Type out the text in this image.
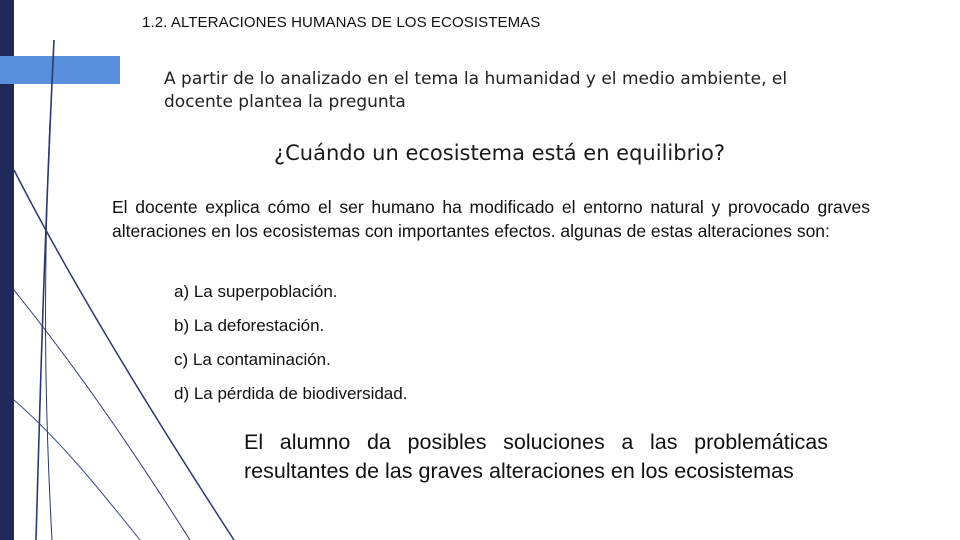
1.2. ALTERACIONES HUMANAS DE LOS ECOSISTEMAS
A partir de lo analizado en el tema la humanidad y el medio ambiente, el docente plantea la pregunta
¿Cuándo un ecosistema está en equilibrio?
El docente explica cómo el ser humano ha modificado el entorno natural y provocado graves alteraciones en los ecosistemas con importantes efectos. algunas de estas alteraciones son:
a) La superpoblación.
b) La deforestación.
c) La contaminación.
d) La pérdida de biodiversidad.
El alumno da posibles soluciones a las problemáticas resultantes de las graves alteraciones en los ecosistemas
